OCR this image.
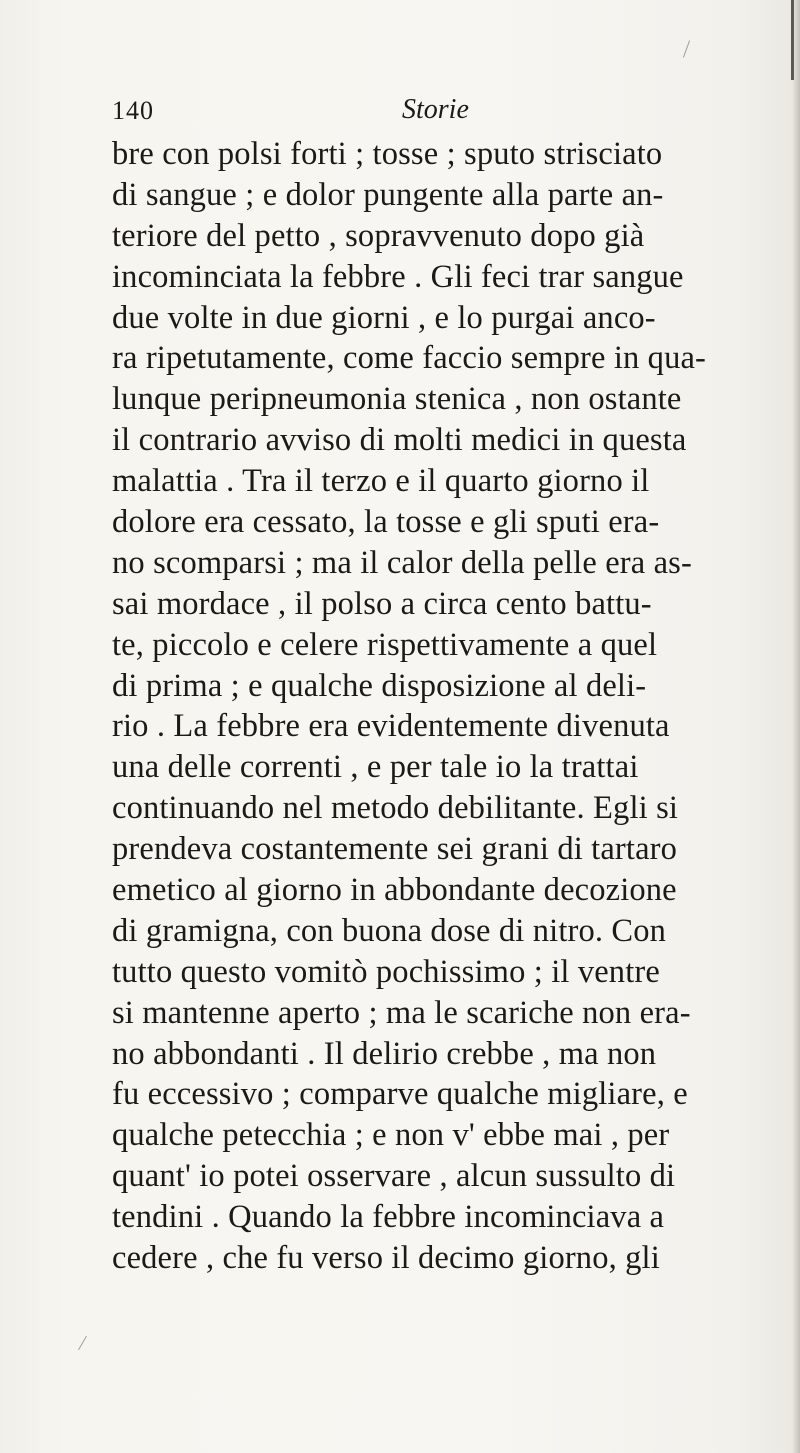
140	Storie
bre con polsi forti ; tosse ; sputo strisciato
di sangue ; e dolor pungente alla parte an-
teriore del petto , sopravvenuto dopo già
incominciata la febbre . Gli feci trar sangue
due volte in due giorni , e lo purgai anco-
ra ripetutamente, come faccio sempre in qua-
lunque peripneumonia stenica , non ostante
il contrario avviso di molti medici in questa
malattia . Tra il terzo e il quarto giorno il
dolore era cessato, la tosse e gli sputi era-
no scomparsi ; ma il calor della pelle era as-
sai mordace , il polso a circa cento battu-
te, piccolo e celere rispettivamente a quel
di prima ; e qualche disposizione al deli-
rio . La febbre era evidentemente divenuta
una delle correnti , e per tale io la trattai
continuando nel metodo debilitante. Egli si
prendeva costantemente sei grani di tartaro
emetico al giorno in abbondante decozione
di gramigna, con buona dose di nitro. Con
tutto questo vomitò pochissimo ; il ventre
si mantenne aperto ; ma le scariche non era-
no abbondanti . Il delirio crebbe , ma non
fu eccessivo ; comparve qualche migliare, e
qualche petecchia ; e non v' ebbe mai , per
quant' io potei osservare , alcun sussulto di
tendini . Quando la febbre incominciava a
cedere , che fu verso il decimo giorno, gli
